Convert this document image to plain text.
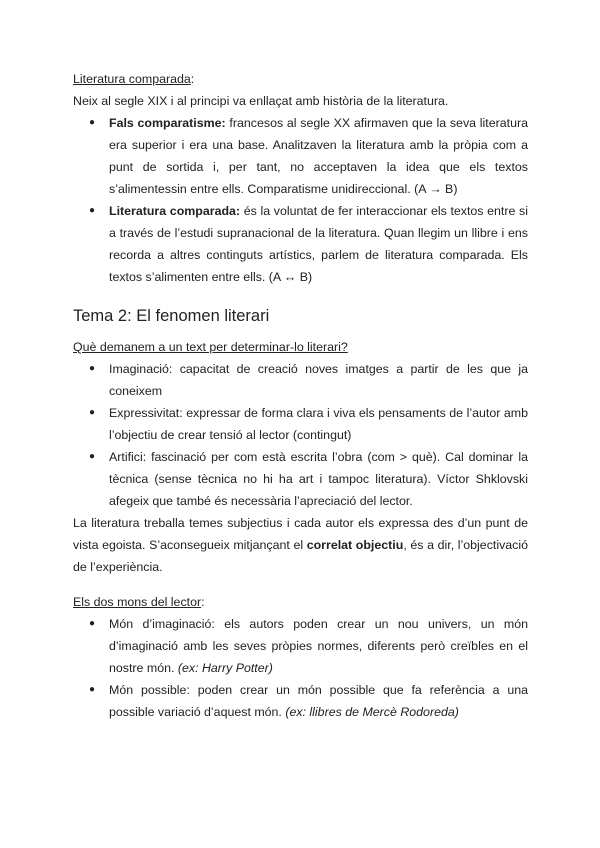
Literatura comparada:

Neix al segle XIX i al principi va enllaçat amb història de la literatura.

● Fals comparatisme: francesos al segle XX afirmaven que la seva literatura era superior i era una base. Analitzaven la literatura amb la pròpia com a punt de sortida i, per tant, no acceptaven la idea que els textos s’alimentessin entre ells. Comparatisme unidireccional. (A → B)
● Literatura comparada: és la voluntat de fer interaccionar els textos entre si a través de l’estudi supranacional de la literatura. Quan llegim un llibre i ens recorda a altres continguts artístics, parlem de literatura comparada. Els textos s’alimenten entre ells. (A ↔ B)

Tema 2: El fenomen literari

Què demanem a un text per determinar-lo literari?

● Imaginació: capacitat de creació noves imatges a partir de les que ja coneixem
● Expressivitat: expressar de forma clara i viva els pensaments de l’autor amb l’objectiu de crear tensió al lector (contingut)
● Artifici: fascinació per com està escrita l’obra (com > què). Cal dominar la tècnica (sense tècnica no hi ha art i tampoc literatura). Víctor Shklovski afegeix que també és necessària l’apreciació del lector.

La literatura treballa temes subjectius i cada autor els expressa des d’un punt de vista egoista. S’aconsegueix mitjançant el correlat objectiu, és a dir, l’objectivació de l’experiència.

Els dos mons del lector:

● Món d’imaginació: els autors poden crear un nou univers, un món d’imaginació amb les seves pròpies normes, diferents però creïbles en el nostre món. (ex: Harry Potter)
● Món possible: poden crear un món possible que fa referència a una possible variació d’aquest món. (ex: llibres de Mercè Rodoreda)
